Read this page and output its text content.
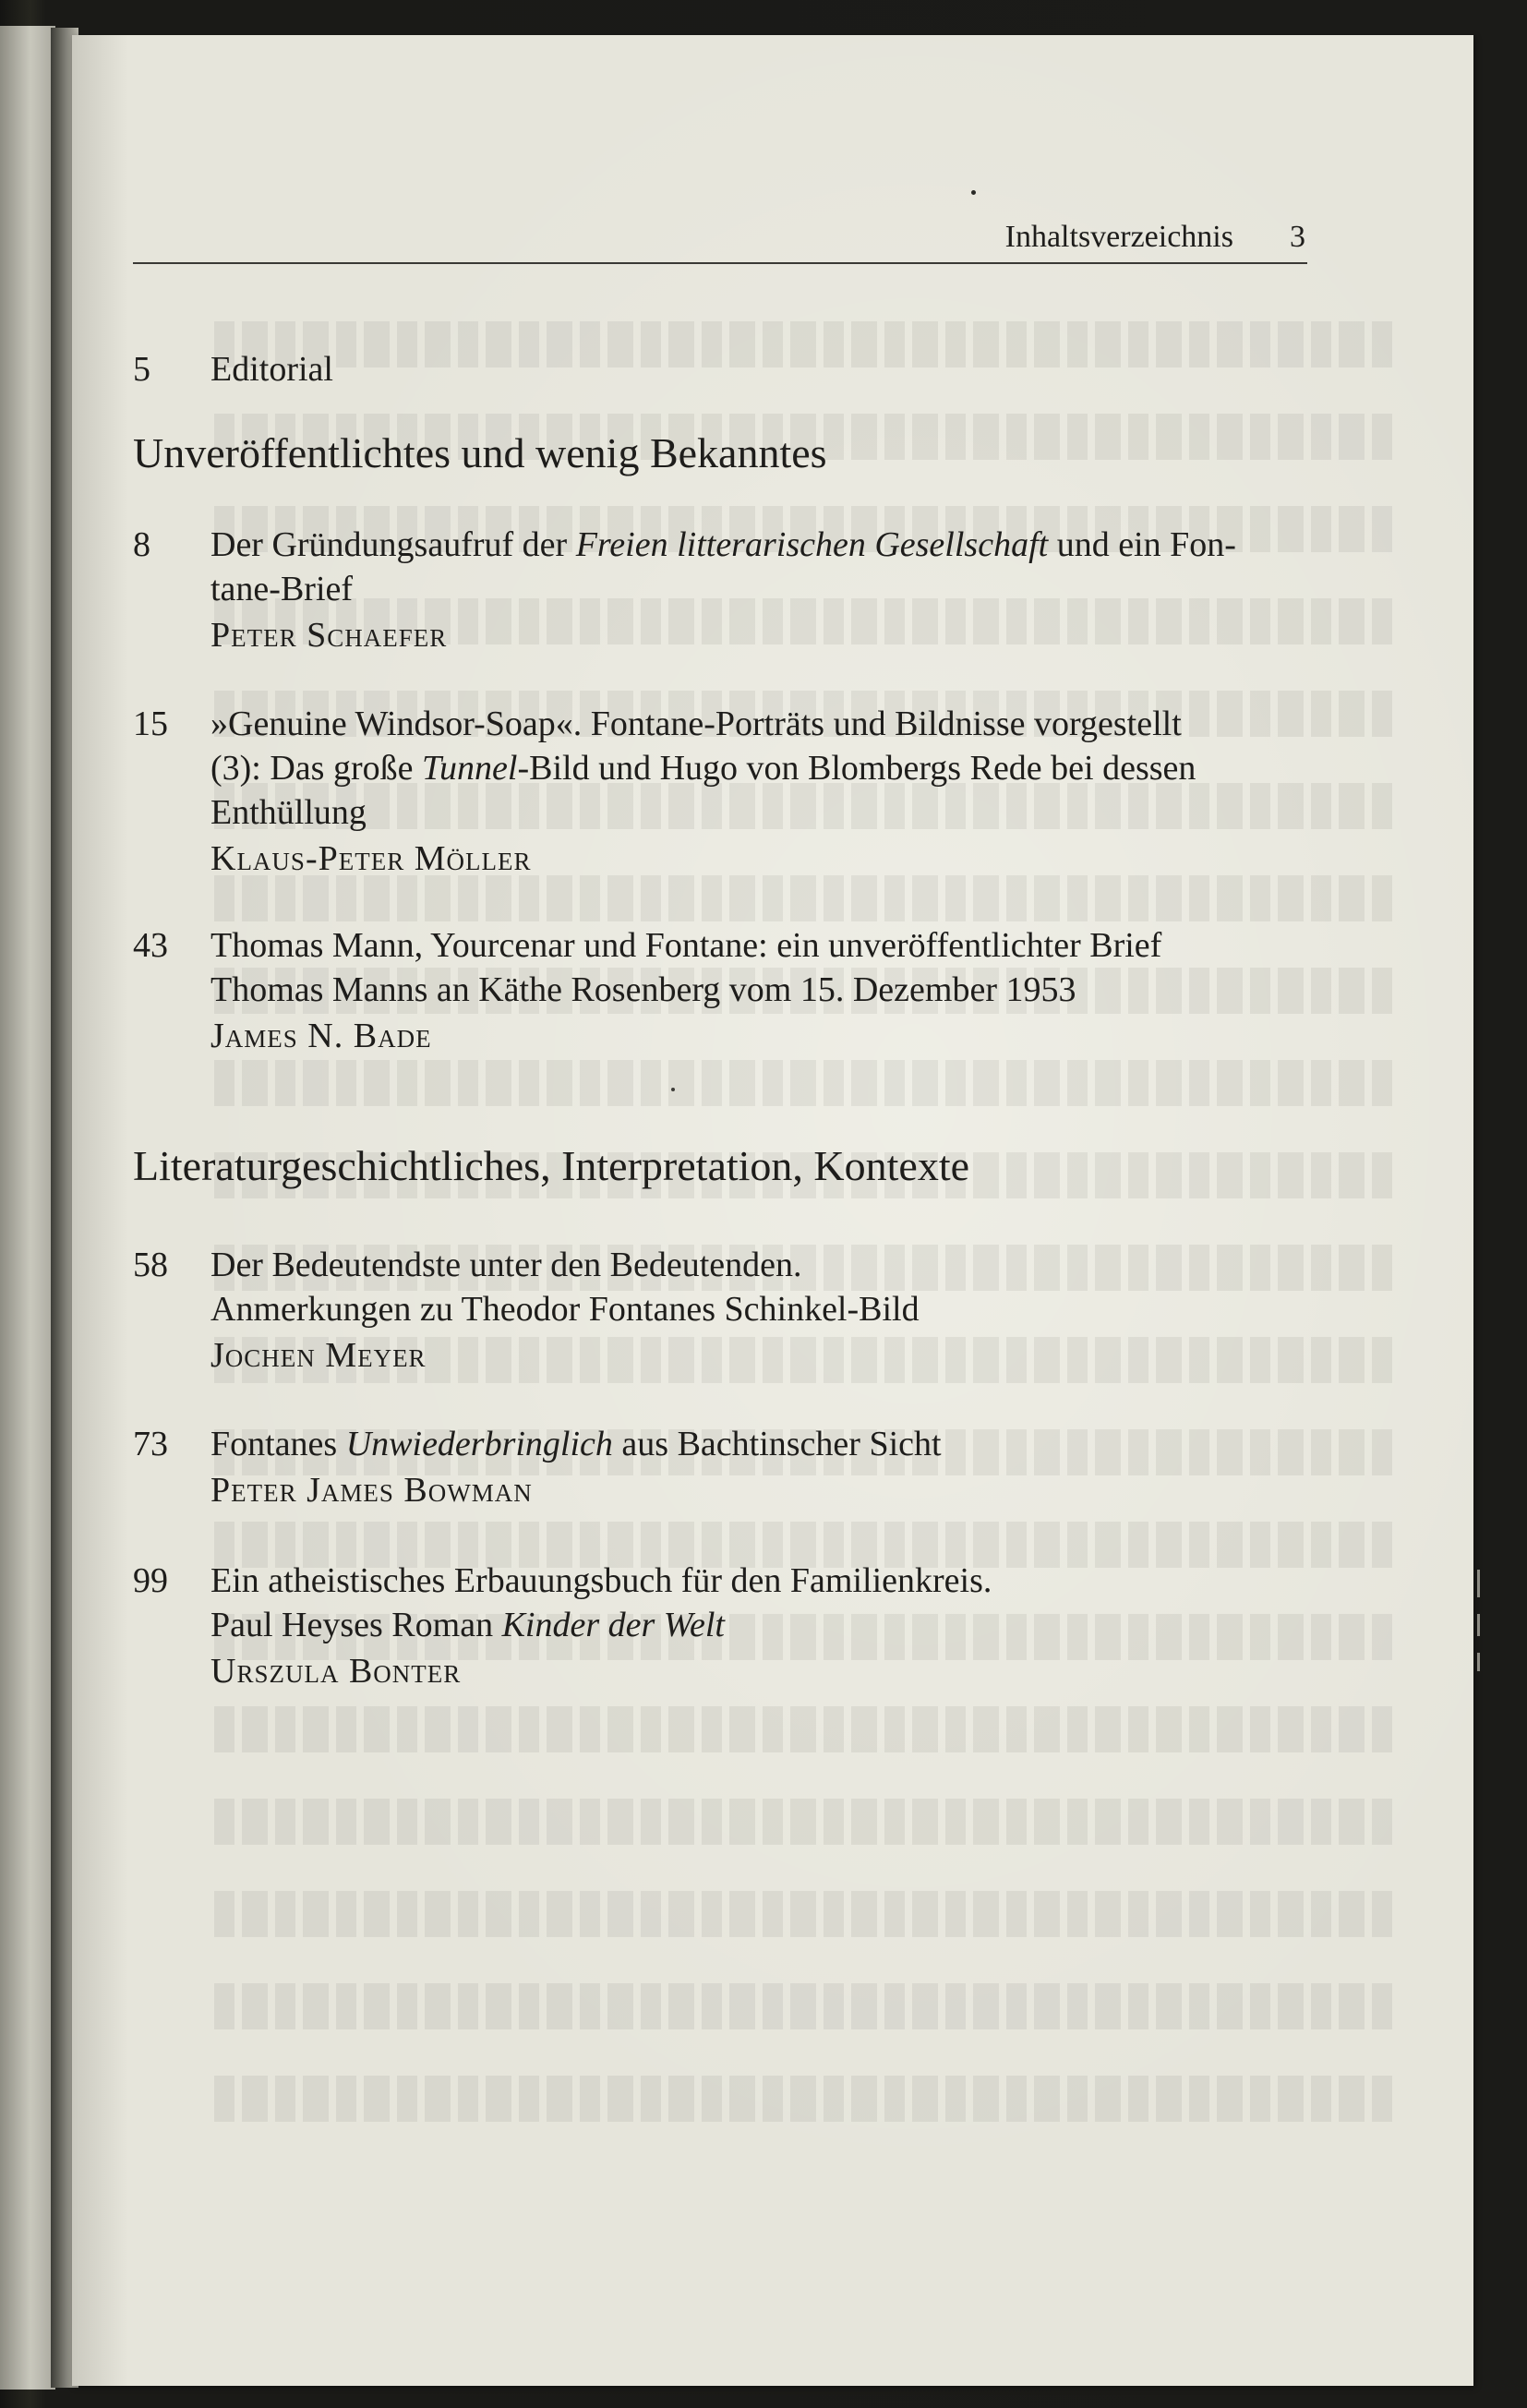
Inhaltsverzeichnis 3
5	Editorial
Unveröffentlichtes und wenig Bekanntes
8	Der Gründungsaufruf der Freien litterarischen Gesellschaft und ein Fon-
tane-Brief
Peter Schaefer
15	»Genuine Windsor-Soap«. Fontane-Porträts und Bildnisse vorgestellt
(3): Das große Tunnel-Bild und Hugo von Blombergs Rede bei dessen
Enthüllung
Klaus-Peter Möller
43	Thomas Mann, Yourcenar und Fontane: ein unveröffentlichter Brief
Thomas Manns an Käthe Rosenberg vom 15. Dezember 1953
James N. Bade
Literaturgeschichtliches, Interpretation, Kontexte
58	Der Bedeutendste unter den Bedeutenden.
Anmerkungen zu Theodor Fontanes Schinkel-Bild
Jochen Meyer
73	Fontanes Unwiederbringlich aus Bachtinscher Sicht
Peter James Bowman
99	Ein atheistisches Erbauungsbuch für den Familienkreis.
Paul Heyses Roman Kinder der Welt
Urszula Bonter
